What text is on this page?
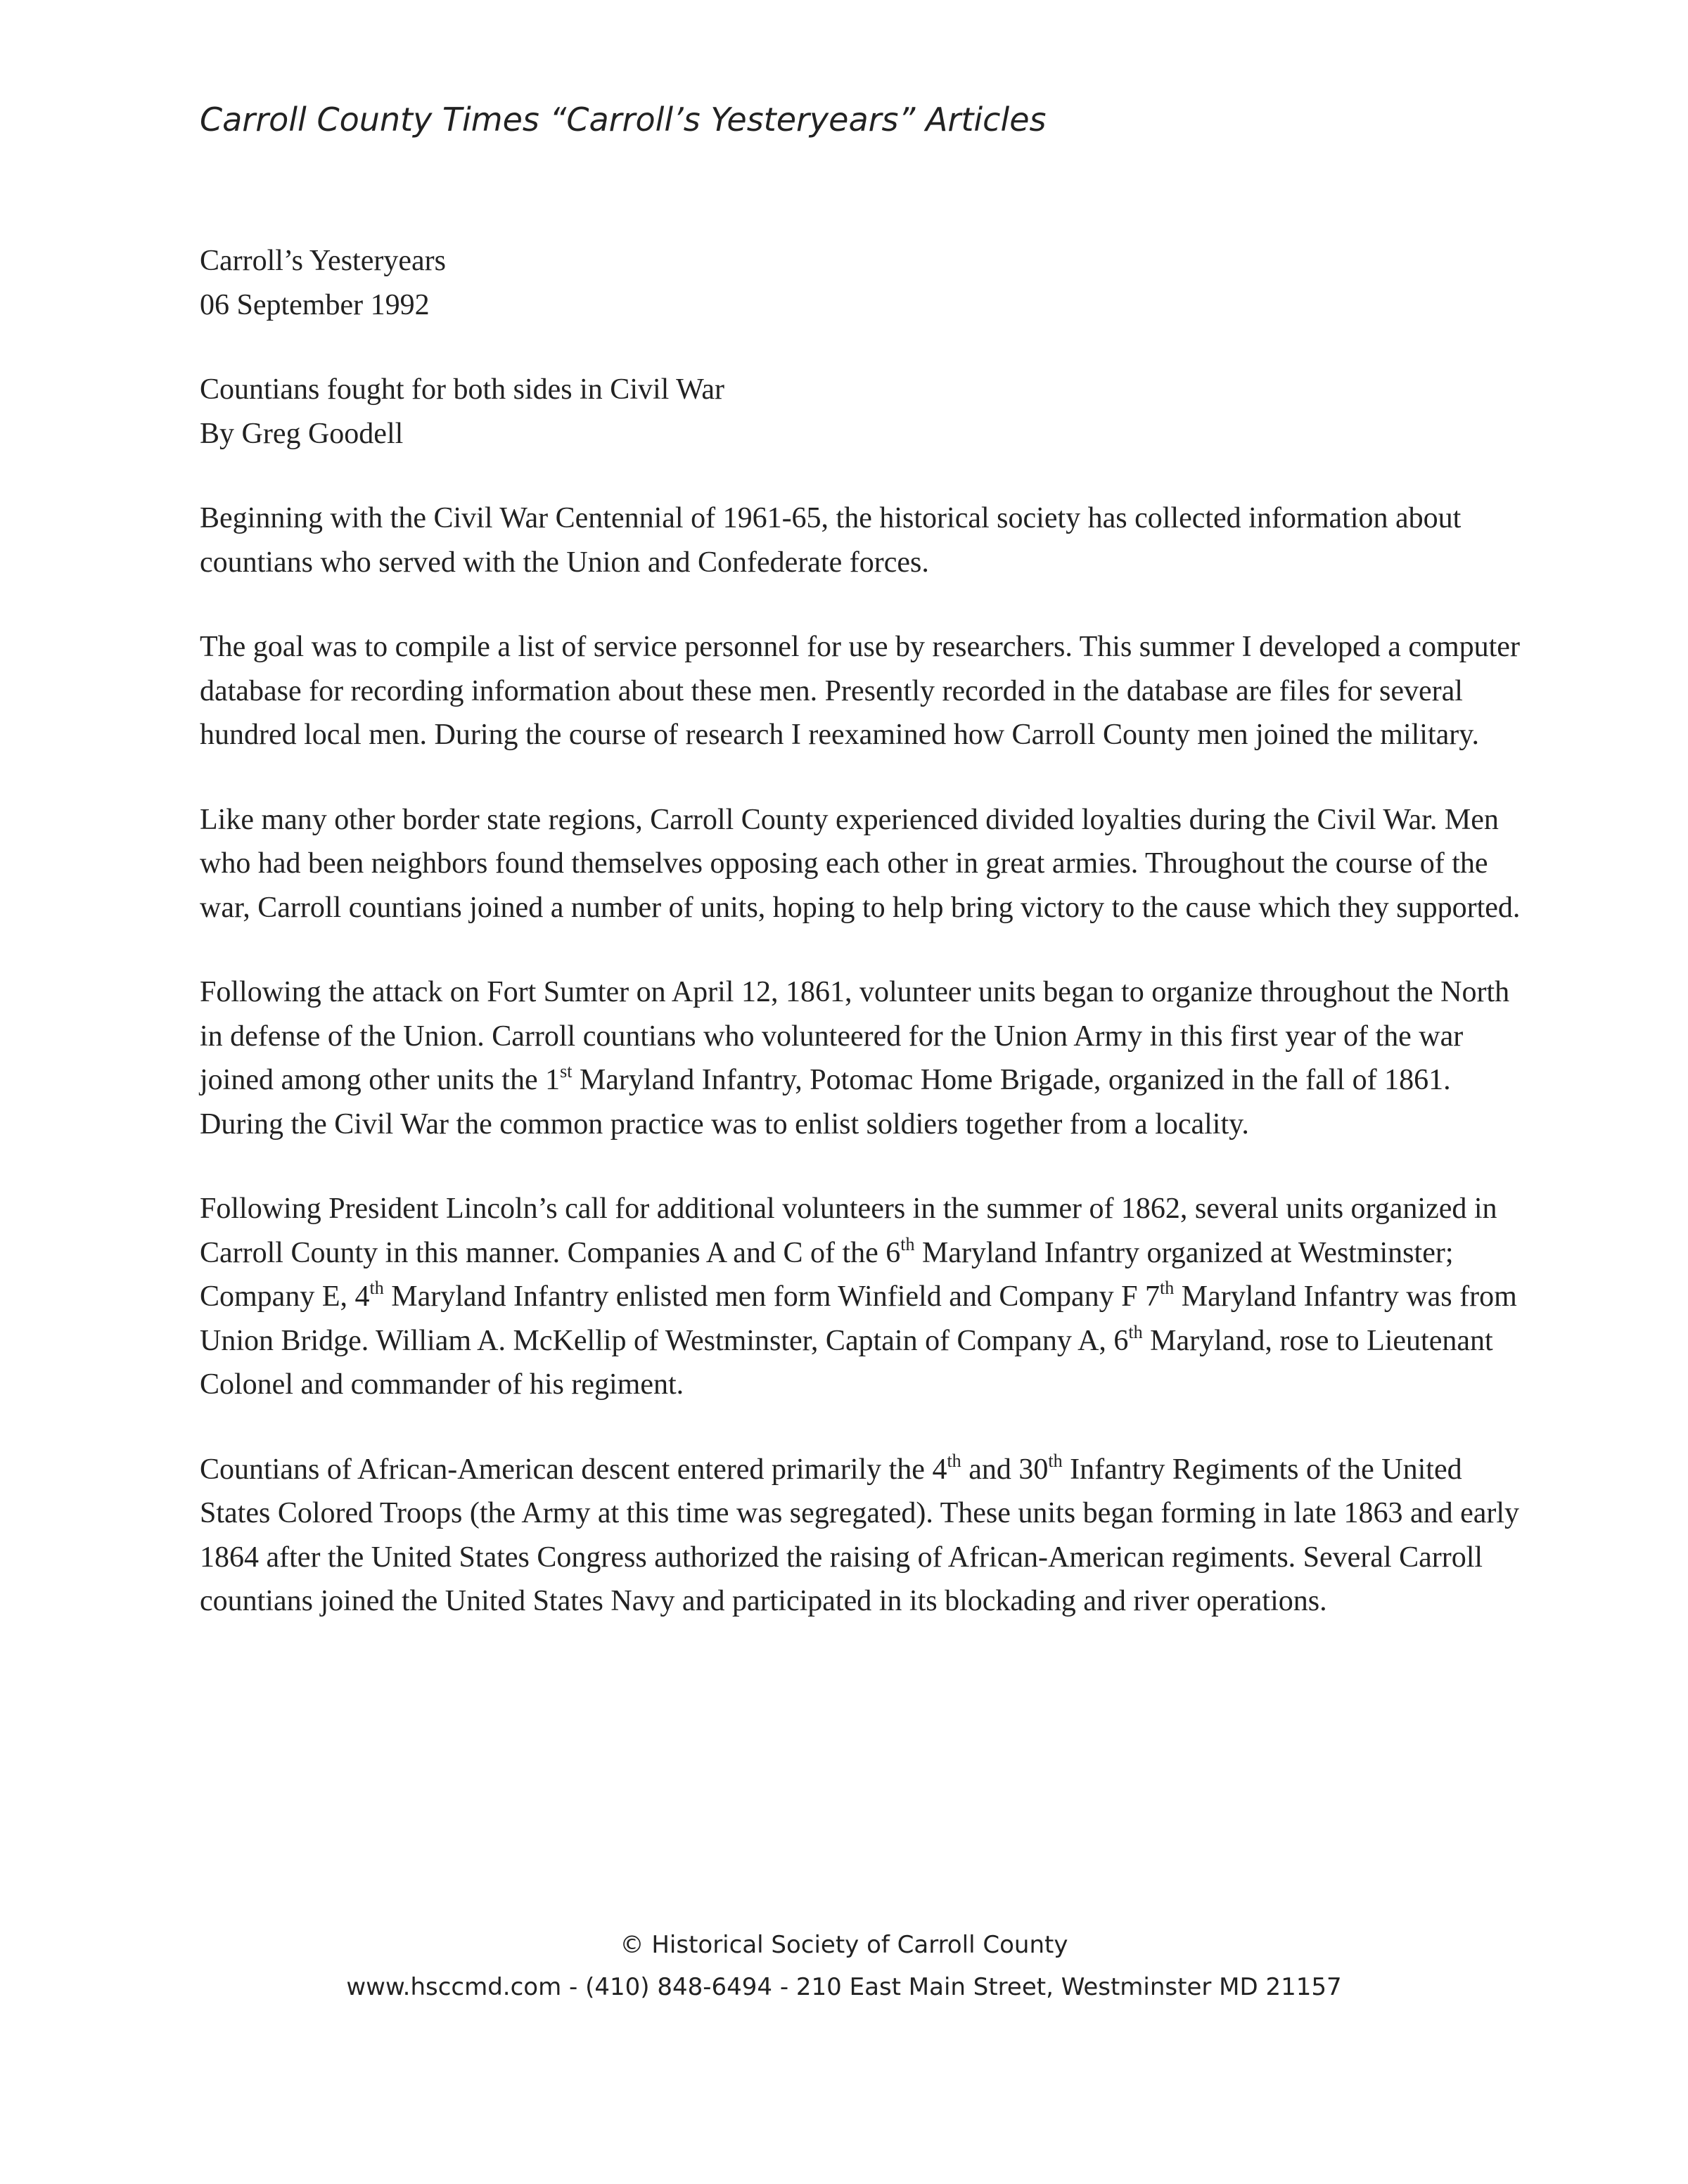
Carroll County Times “Carroll’s Yesteryears” Articles

Carroll’s Yesteryears

06 September 1992

Countians fought for both sides in Civil War

By Greg Goodell

Beginning with the Civil War Centennial of 1961-65, the historical society has collected information about countians who served with the Union and Confederate forces.

The goal was to compile a list of service personnel for use by researchers. This summer I developed a computer database for recording information about these men. Presently recorded in the database are files for several hundred local men. During the course of research I reexamined how Carroll County men joined the military.

Like many other border state regions, Carroll County experienced divided loyalties during the Civil War. Men who had been neighbors found themselves opposing each other in great armies. Throughout the course of the war, Carroll countians joined a number of units, hoping to help bring victory to the cause which they supported.

Following the attack on Fort Sumter on April 12, 1861, volunteer units began to organize throughout the North in defense of the Union. Carroll countians who volunteered for the Union Army in this first year of the war joined among other units the 1st Maryland Infantry, Potomac Home Brigade, organized in the fall of 1861. During the Civil War the common practice was to enlist soldiers together from a locality.

Following President Lincoln’s call for additional volunteers in the summer of 1862, several units organized in Carroll County in this manner. Companies A and C of the 6th Maryland Infantry organized at Westminster; Company E, 4th Maryland Infantry enlisted men form Winfield and Company F 7th Maryland Infantry was from Union Bridge. William A. McKellip of Westminster, Captain of Company A, 6th Maryland, rose to Lieutenant Colonel and commander of his regiment.

Countians of African-American descent entered primarily the 4th and 30th Infantry Regiments of the United States Colored Troops (the Army at this time was segregated). These units began forming in late 1863 and early 1864 after the United States Congress authorized the raising of African-American regiments. Several Carroll countians joined the United States Navy and participated in its blockading and river operations.

© Historical Society of Carroll County
www.hsccmd.com - (410) 848-6494 - 210 East Main Street, Westminster MD 21157
